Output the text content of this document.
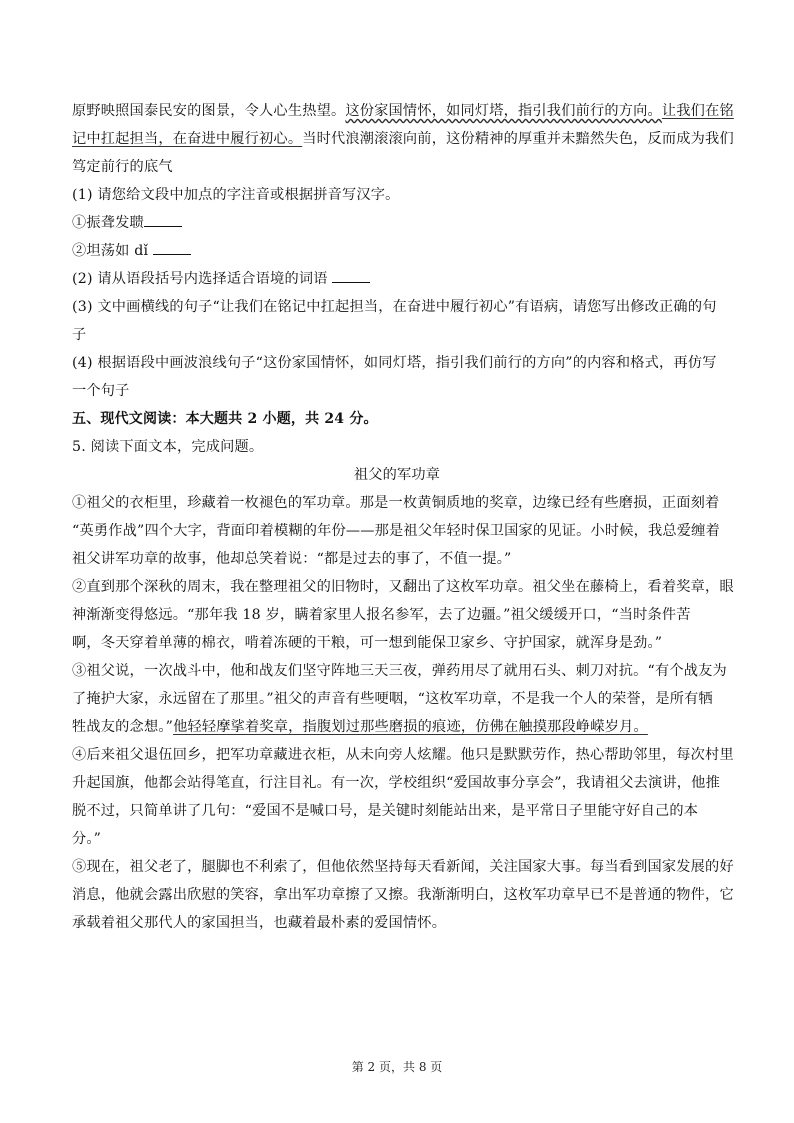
原野映照国泰民安的图景，令人心生热望。这份家国情怀，如同灯塔，指引我们前行的方向。让我们在铭
记中扛起担当，在奋进中履行初心。当时代浪潮滚滚向前，这份精神的厚重并未黯然失色，反而成为我们
笃定前行的底气
(1) 请您给文段中加点的字注音或根据拼音写汉字。
①振聋发聩
②坦荡如 dǐ
(2) 请从语段括号内选择适合语境的词语
(3) 文中画横线的句子“让我们在铭记中扛起担当，在奋进中履行初心”有语病，请您写出修改正确的句
子
(4) 根据语段中画波浪线句子“这份家国情怀，如同灯塔，指引我们前行的方向”的内容和格式，再仿写
一个句子
五、现代文阅读：本大题共 2 小题，共 24 分。
5. 阅读下面文本，完成问题。
祖父的军功章
①祖父的衣柜里，珍藏着一枚褪色的军功章。那是一枚黄铜质地的奖章，边缘已经有些磨损，正面刻着
“英勇作战”四个大字，背面印着模糊的年份——那是祖父年轻时保卫国家的见证。小时候，我总爱缠着
祖父讲军功章的故事，他却总笑着说：“都是过去的事了，不值一提。”
②直到那个深秋的周末，我在整理祖父的旧物时，又翻出了这枚军功章。祖父坐在藤椅上，看着奖章，眼
神渐渐变得悠远。“那年我 18 岁，瞒着家里人报名参军，去了边疆。”祖父缓缓开口，“当时条件苦
啊，冬天穿着单薄的棉衣，啃着冻硬的干粮，可一想到能保卫家乡、守护国家，就浑身是劲。”
③祖父说，一次战斗中，他和战友们坚守阵地三天三夜，弹药用尽了就用石头、刺刀对抗。“有个战友为
了掩护大家，永远留在了那里。”祖父的声音有些哽咽，“这枚军功章，不是我一个人的荣誉，是所有牺
牲战友的念想。”他轻轻摩挲着奖章，指腹划过那些磨损的痕迹，仿佛在触摸那段峥嵘岁月。
④后来祖父退伍回乡，把军功章藏进衣柜，从未向旁人炫耀。他只是默默劳作，热心帮助邻里，每次村里
升起国旗，他都会站得笔直，行注目礼。有一次，学校组织“爱国故事分享会”，我请祖父去演讲，他推
脱不过，只简单讲了几句：“爱国不是喊口号，是关键时刻能站出来，是平常日子里能守好自己的本
分。”
⑤现在，祖父老了，腿脚也不利索了，但他依然坚持每天看新闻，关注国家大事。每当看到国家发展的好
消息，他就会露出欣慰的笑容，拿出军功章擦了又擦。我渐渐明白，这枚军功章早已不是普通的物件，它
承载着祖父那代人的家国担当，也藏着最朴素的爱国情怀。
第 2 页，共 8 页
